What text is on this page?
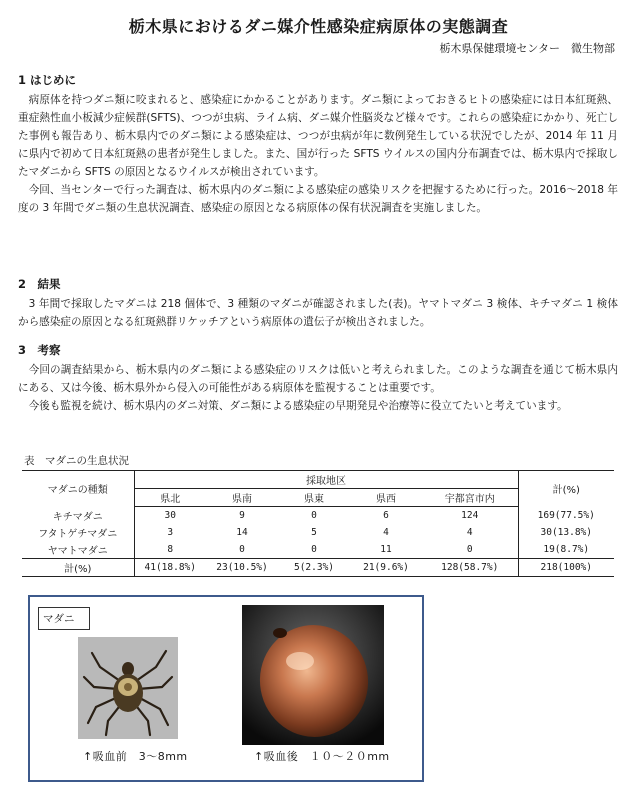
栃木県におけるダニ媒介性感染症病原体の実態調査
栃木県保健環境センター　微生物部
1 はじめに

病原体を持つダニ類に咬まれると、感染症にかかることがあります。ダニ類によっておきるヒトの感染症には日本紅斑熱、重症熱性血小板減少症候群(SFTS)、つつが虫病、ライム病、ダニ媒介性脳炎など様々です。これらの感染症にかかり、死亡した事例も報告あり、栃木県内でのダニ類による感染症は、つつが虫病が年に数例発生している状況でしたが、2014 年 11 月に県内で初めて日本紅斑熱の患者が発生しました。また、国が行った SFTS ウイルスの国内分布調査では、栃木県内で採取したマダニから SFTS の原因となるウイルスが検出されています。

今回、当センターで行った調査は、栃木県内のダニ類による感染症の感染リスクを把握するために行った。2016～2018 年度の 3 年間でダニ類の生息状況調査、感染症の原因となる病原体の保有状況調査を実施しました。

2　結果

3 年間で採取したマダニは 218 個体で、3 種類のマダニが確認されました(表)。ヤマトマダニ 3 検体、キチマダニ 1 検体から感染症の原因となる紅斑熱群リケッチアという病原体の遺伝子が検出されました。

3　考察

今回の調査結果から、栃木県内のダニ類による感染症のリスクは低いと考えられました。このような調査を通じて栃木県内にある、又は今後、栃木県外から侵入の可能性がある病原体を監視することは重要です。

今後も監視を続け、栃木県内のダニ対策、ダニ類による感染症の早期発見や治療等に役立てたいと考えています。

表　マダニの生息状況
マダニの種類	採取地区					計(%)
	県北	県南	県東	県西	宇都宮市内	
キチマダニ	30	9	0	6	124	169(77.5%)
フタトゲチマダニ	3	14	5	4	4	30(13.8%)
ヤマトマダニ	8	0	0	11	0	19(8.7%)
計(%)	41(18.8%)	23(10.5%)	5(2.3%)	21(9.6%)	128(58.7%)	218(100%)
マダニ
↑吸血前　3～8mm	↑吸血後　１０～２０mm
